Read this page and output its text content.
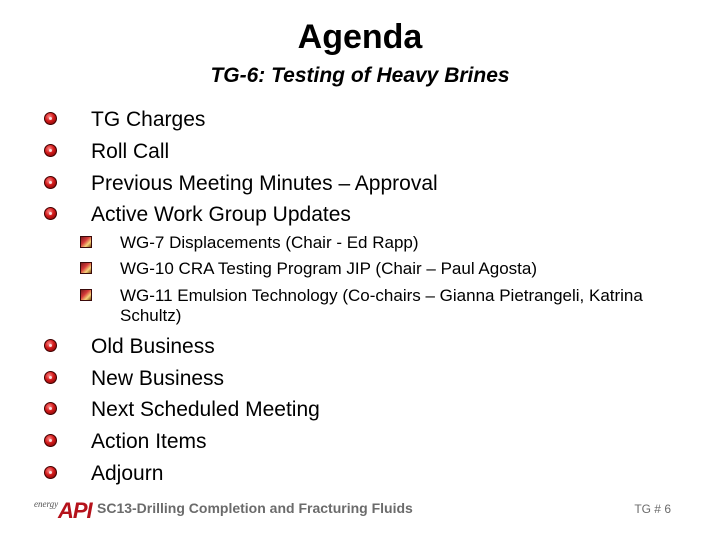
Agenda
TG-6: Testing of Heavy Brines
TG Charges
Roll Call
Previous Meeting Minutes – Approval
Active Work Group Updates
WG-7 Displacements (Chair - Ed Rapp)
WG-10 CRA Testing Program JIP (Chair – Paul Agosta)
WG-11 Emulsion Technology (Co-chairs – Gianna Pietrangeli, Katrina Schultz)
Old Business
New Business
Next Scheduled Meeting
Action Items
Adjourn
energy API SC13-Drilling Completion and Fracturing Fluids	TG # 6
